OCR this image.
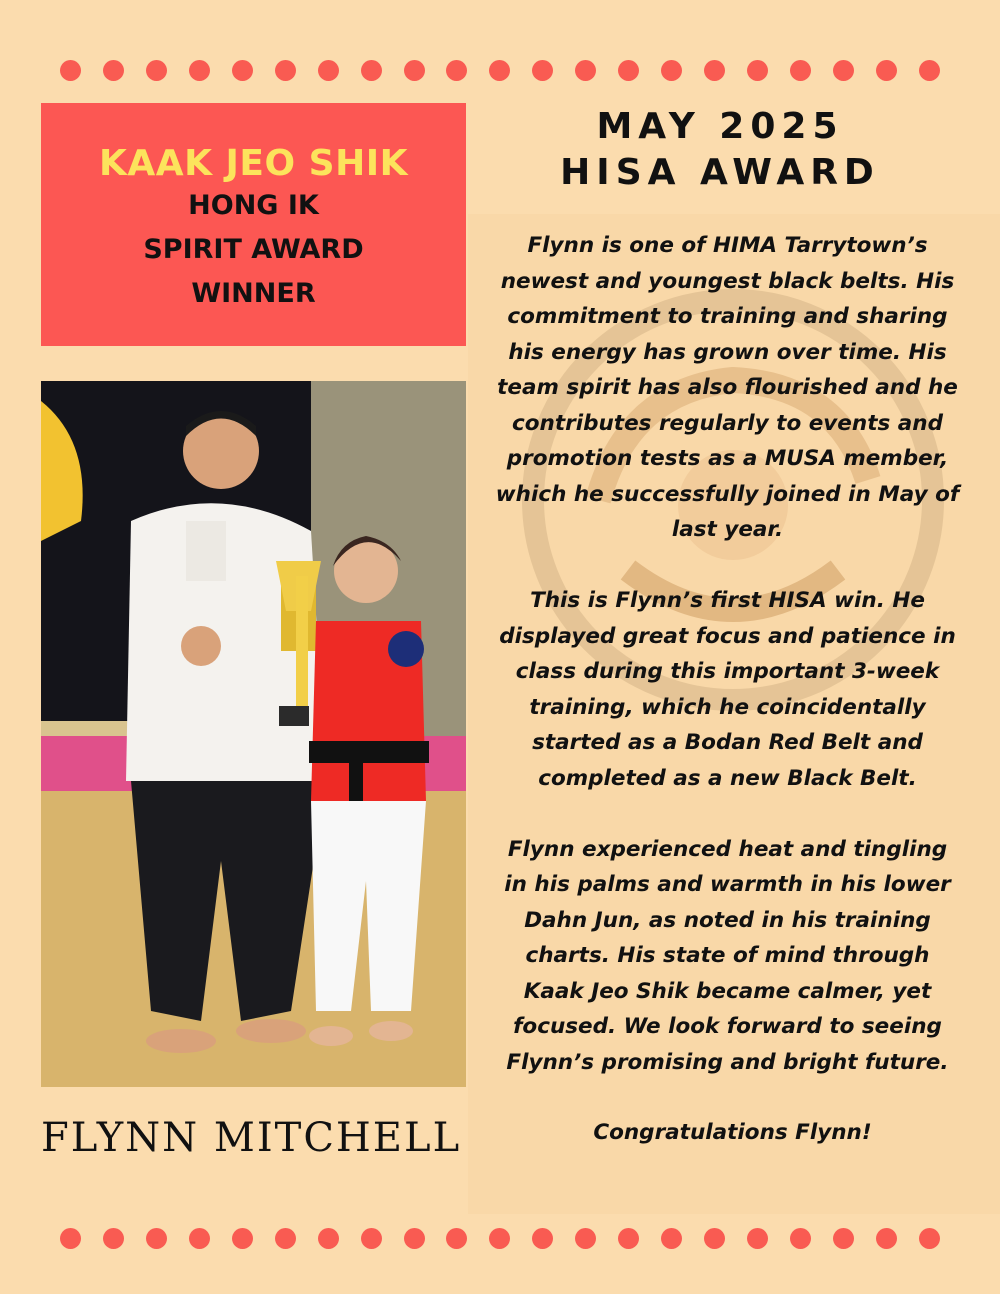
KAAK JEO SHIK
HONG IK
SPIRIT AWARD
WINNER
MAY 2025
HISA AWARD
FLYNN MITCHELL

Flynn is one of HIMA Tarrytown’s newest and youngest black belts. His commitment to training and sharing his energy has grown over time. His team spirit has also flourished and he contributes regularly to events and promotion tests as a MUSA member, which he successfully joined in May of last year.

This is Flynn’s first HISA win. He displayed great focus and patience in class during this important 3-week training, which he coincidentally started as a Bodan Red Belt and completed as a new Black Belt.

Flynn experienced heat and tingling in his palms and warmth in his lower Dahn Jun, as noted in his training charts. His state of mind through Kaak Jeo Shik became calmer, yet focused. We look forward to seeing Flynn’s promising and bright future.

Congratulations Flynn!
